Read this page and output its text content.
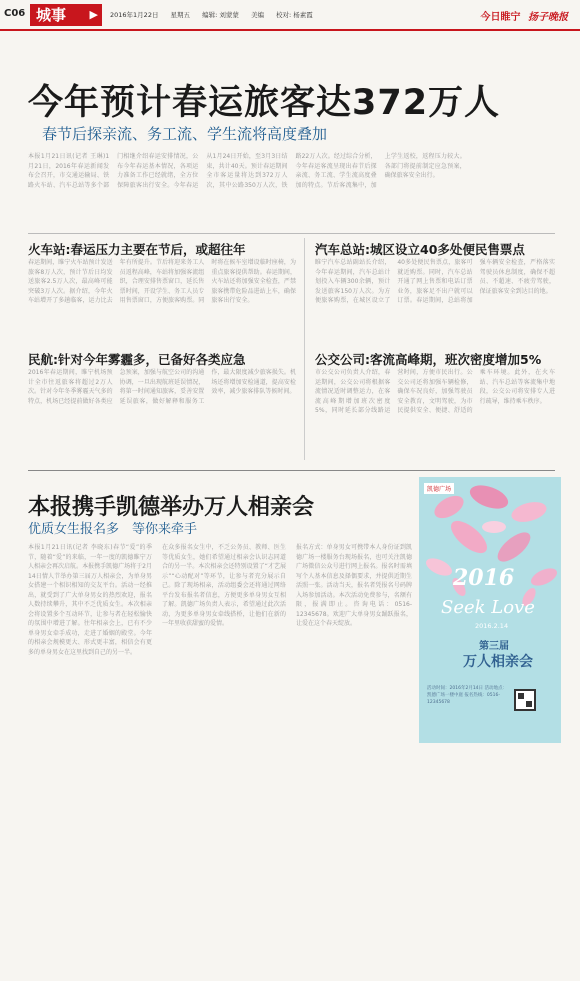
C06 城事 ▶ 2016年1月22日 星期五 编辑: 刘蒙蒙 美编 校对: 杨素霞	今日睢宁 扬子晚报
今年预计春运旅客达372万人
春节后探亲流、务工流、学生流将高度叠加
本报1月21日讯(记者 王琳)1月21日，2016年春运新闻发布会召开，市交通运输局、铁路火车站、汽车总站等多个部门相继介绍春运安排情况，公布今年春运基本情况，各项运力准备工作已经就绪，全方位保障旅客出行安全。今年春运从1月24日开始，至3月3日结束，共计40天。预计春运期间全市客运量将达到372万人次，其中公路350万人次，铁路22万人次。经过综合分析，今年春运客流呈现出春节后探亲流、务工流、学生流高度叠加的特点。节后客流集中，加上学生返校，返程压力较大。各部门将提前制定应急预案，确保旅客安全出行。
火车站:春运压力主要在节后，或超往年
春运期间，睢宁火车站预计发送旅客8万人次，预计节后日均发送旅客2.5万人次，最高峰可能突破3万人次。据介绍，今年火车站增开了多趟临客，运力比去年有所提升。节后将迎来务工人员返程高峰，车站将加强客流组织，合理安排售票窗口，延长售票时间，开设学生、务工人员专用售票窗口，方便旅客购票。同时将在候车室增设临时座椅，为重点旅客提供帮助。春运期间，火车站还将加强安全检查，严禁旅客携带危险品进站上车，确保旅客出行安全。
汽车总站:城区设立40多处便民售票点
睢宁汽车总站副站长介绍，今年春运期间，汽车总站计划投入车辆300余辆，预计发送旅客150万人次。为方便旅客购票，在城区设立了40多处便民售票点，旅客可就近购票。同时，汽车总站开通了网上售票和电话订票业务，旅客足不出户就可以订票。春运期间，总站将加强车辆安全检查，严格落实驾驶员休息制度，确保不超员、不超速、不疲劳驾驶，保证旅客安全到达目的地。
民航:针对今年雾霾多，已备好各类应急
2016年春运期间，睢宁机场预计全市往返旅客将超过2万人次。针对今年冬季雾霾天气多的特点，机场已经提前做好各类应急预案，加强与航空公司的沟通协调，一旦出现航班延误情况，将第一时间通知旅客，妥善安置延误旅客，做好解释和服务工作，最大限度减少旅客损失。机场还将增加安检通道，提高安检效率，减少旅客排队等候时间。
公交公司:客流高峰期，班次密度增加5%
市公交公司负责人介绍，春运期间，公交公司将根据客流情况适时调整运力，在客流高峰期增加班次密度5%，同时延长部分线路运营时间，方便市民出行。公交公司还将加强车辆检修，确保车况良好，加强驾驶员安全教育，文明驾驶，为市民提供安全、便捷、舒适的乘车环境。此外，在火车站、汽车总站等客流集中地段，公交公司将安排专人进行疏导，维持乘车秩序。
本报携手凯德举办万人相亲会
优质女生报名多　等你来牵手
本报1月21日讯(记者 李晓东)春节“爱”的季节，随着“爱”的来临，一年一度的凯德睢宁万人相亲会再次启航。本报携手凯德广场将于2月14日情人节举办第三届万人相亲会，为单身男女搭建一个相识相知的交友平台。活动一经推出，就受到了广大单身男女的热烈欢迎，报名人数持续攀升，其中不乏优质女生。本次相亲会将设置多个互动环节，让参与者在轻松愉快的氛围中增进了解。往年相亲会上，已有不少单身男女牵手成功，走进了婚姻的殿堂。今年的相亲会规模更大、形式更丰富，相信会有更多的单身男女在这里找到自己的另一半。
在众多报名女生中，不乏公务员、教师、医生等优质女生，她们希望通过相亲会认识志同道合的另一半。本次相亲会还特别设置了“才艺展示”“心动配对”等环节，让参与者充分展示自己。除了现场相亲，活动组委会还将通过网络平台发布报名者信息，方便更多单身男女互相了解。凯德广场负责人表示，希望通过此次活动，为更多单身男女牵线搭桥，让他们在新的一年里收获甜蜜的爱情。
报名方式：单身男女可携带本人身份证到凯德广场一楼服务台现场报名，也可关注凯德广场微信公众号进行网上报名。报名时需填写个人基本信息及择偶要求，并提供近期生活照一张。活动当天，报名者凭报名号码牌入场参加活动。本次活动免费参与，名额有限，报满即止。咨询电话：0516-12345678。欢迎广大单身男女踊跃报名，让爱在这个春天绽放。
凯德广场
2016
Seek Love
2016.2.14
第三届
万人相亲会
活动时间：2016年2月14日 活动地点：凯德广场一楼中庭 报名热线：0516-12345678
